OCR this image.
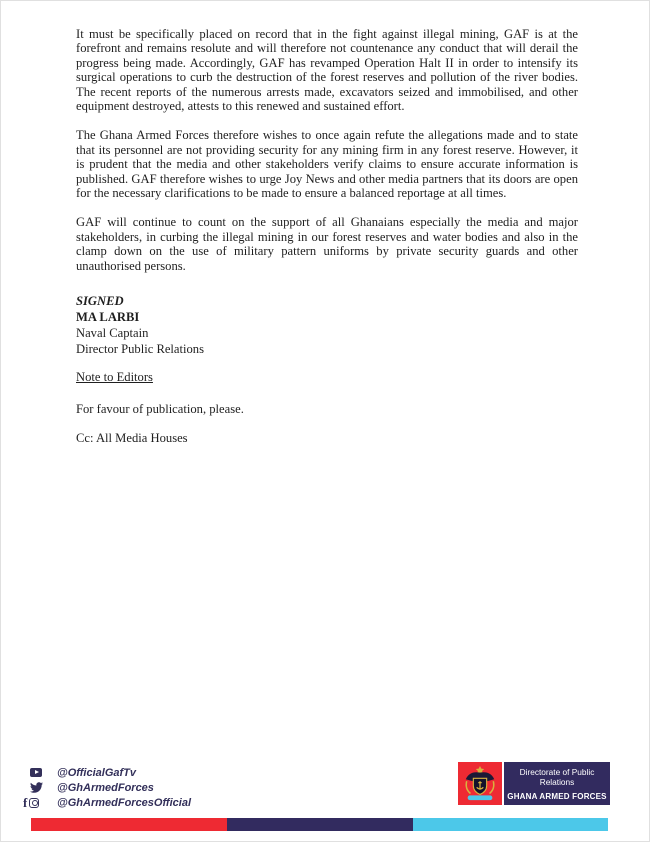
It must be specifically placed on record that in the fight against illegal mining, GAF is at the forefront and remains resolute and will therefore not countenance any conduct that will derail the progress being made. Accordingly, GAF has revamped Operation Halt II in order to intensify its surgical operations to curb the destruction of the forest reserves and pollution of the river bodies. The recent reports of the numerous arrests made, excavators seized and immobilised, and other equipment destroyed, attests to this renewed and sustained effort.

The Ghana Armed Forces therefore wishes to once again refute the allegations made and to state that its personnel are not providing security for any mining firm in any forest reserve. However, it is prudent that the media and other stakeholders verify claims to ensure accurate information is published. GAF therefore wishes to urge Joy News and other media partners that its doors are open for the necessary clarifications to be made to ensure a balanced reportage at all times.

GAF will continue to count on the support of all Ghanaians especially the media and major stakeholders, in curbing the illegal mining in our forest reserves and water bodies and also in the clamp down on the use of military pattern uniforms by private security guards and other unauthorised persons.

SIGNED
MA LARBI
Naval Captain
Director Public Relations
Note to Editors

For favour of publication, please.

Cc: All Media Houses

@OfficialGafTv
@GhArmedForces
f	@GhArmedForcesOfficial
Directorate of Public Relations
GHANA ARMED FORCES
